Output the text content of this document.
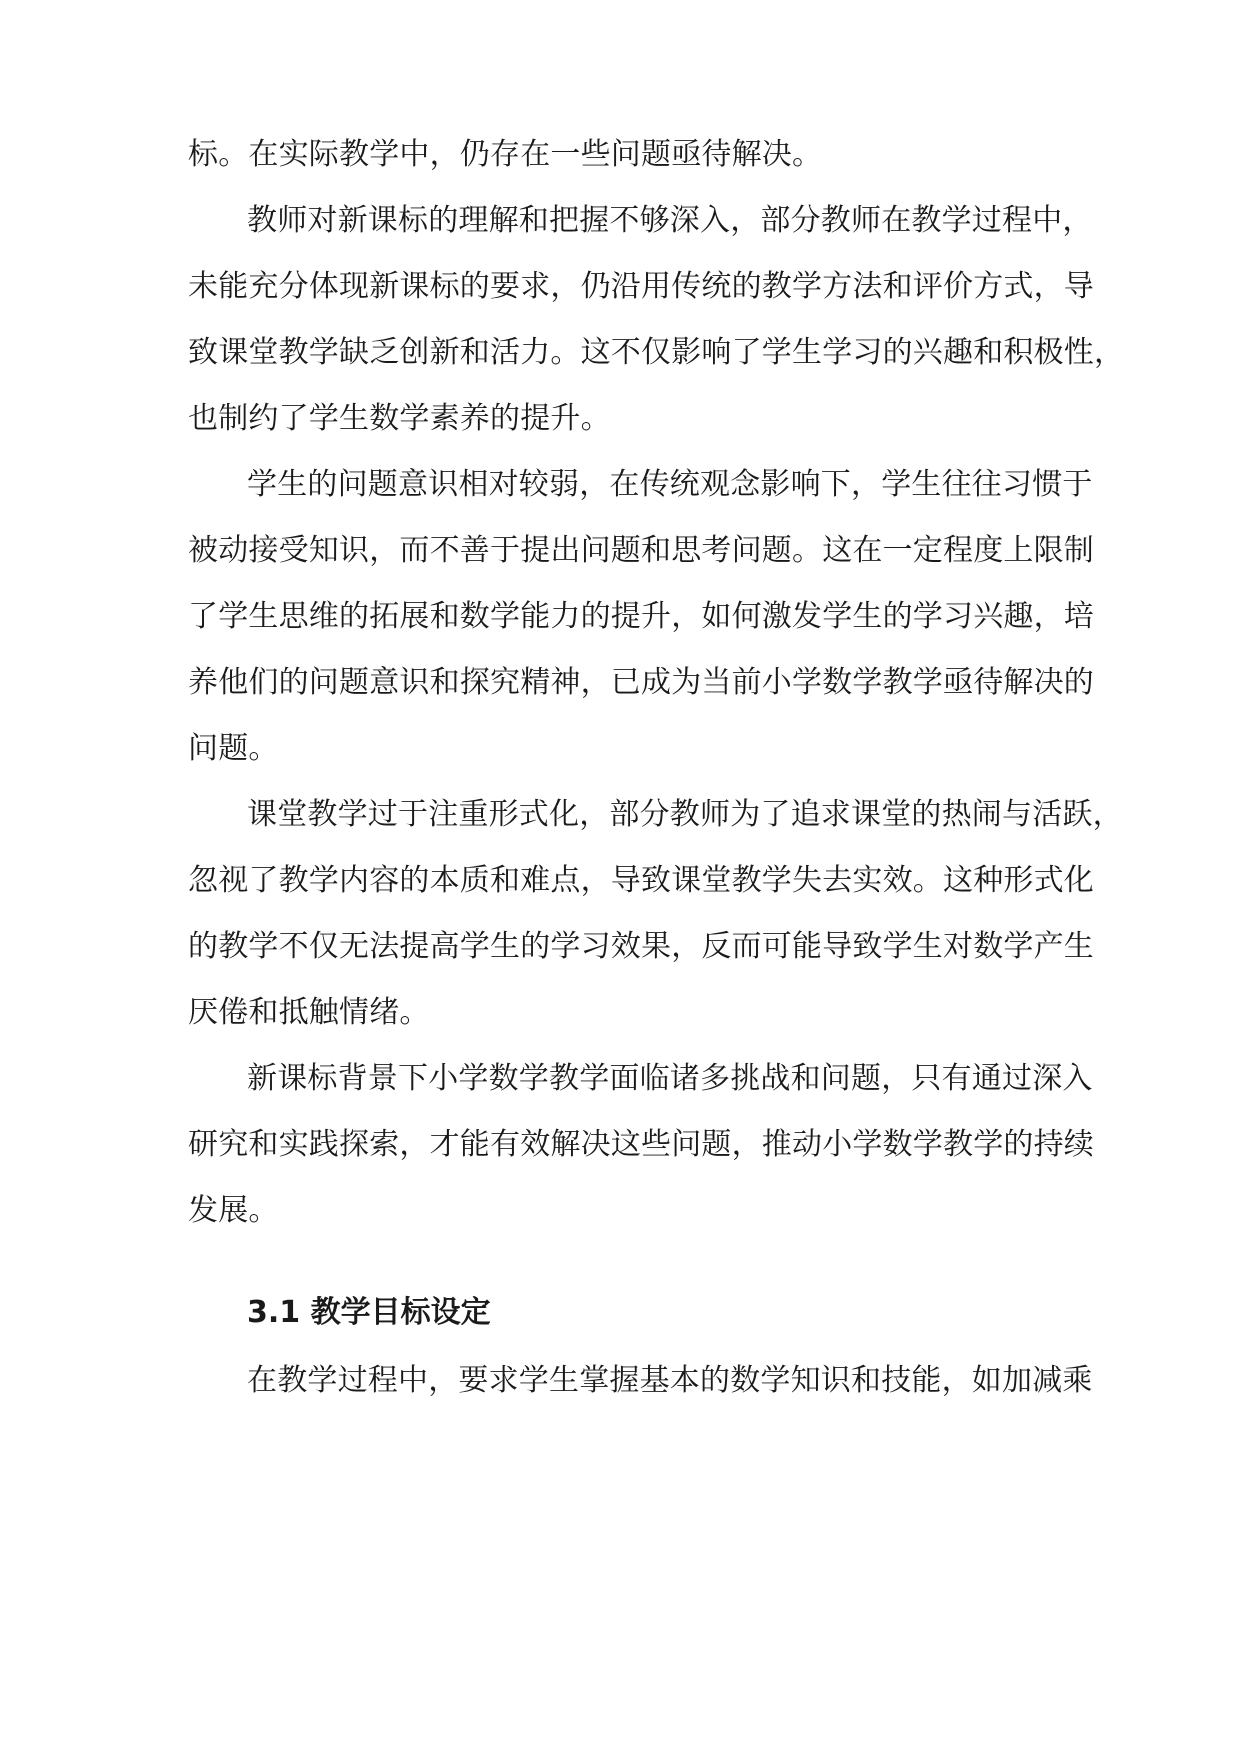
标。在实际教学中，仍存在一些问题亟待解决。

教师对新课标的理解和把握不够深入，部分教师在教学过程中，

未能充分体现新课标的要求，仍沿用传统的教学方法和评价方式，导

致课堂教学缺乏创新和活力。这不仅影响了学生学习的兴趣和积极性，

也制约了学生数学素养的提升。

学生的问题意识相对较弱，在传统观念影响下，学生往往习惯于

被动接受知识，而不善于提出问题和思考问题。这在一定程度上限制

了学生思维的拓展和数学能力的提升，如何激发学生的学习兴趣，培

养他们的问题意识和探究精神，已成为当前小学数学教学亟待解决的

问题。

课堂教学过于注重形式化，部分教师为了追求课堂的热闹与活跃，

忽视了教学内容的本质和难点，导致课堂教学失去实效。这种形式化

的教学不仅无法提高学生的学习效果，反而可能导致学生对数学产生

厌倦和抵触情绪。

新课标背景下小学数学教学面临诸多挑战和问题，只有通过深入

研究和实践探索，才能有效解决这些问题，推动小学数学教学的持续

发展。

3.1 教学目标设定

在教学过程中，要求学生掌握基本的数学知识和技能，如加减乘
